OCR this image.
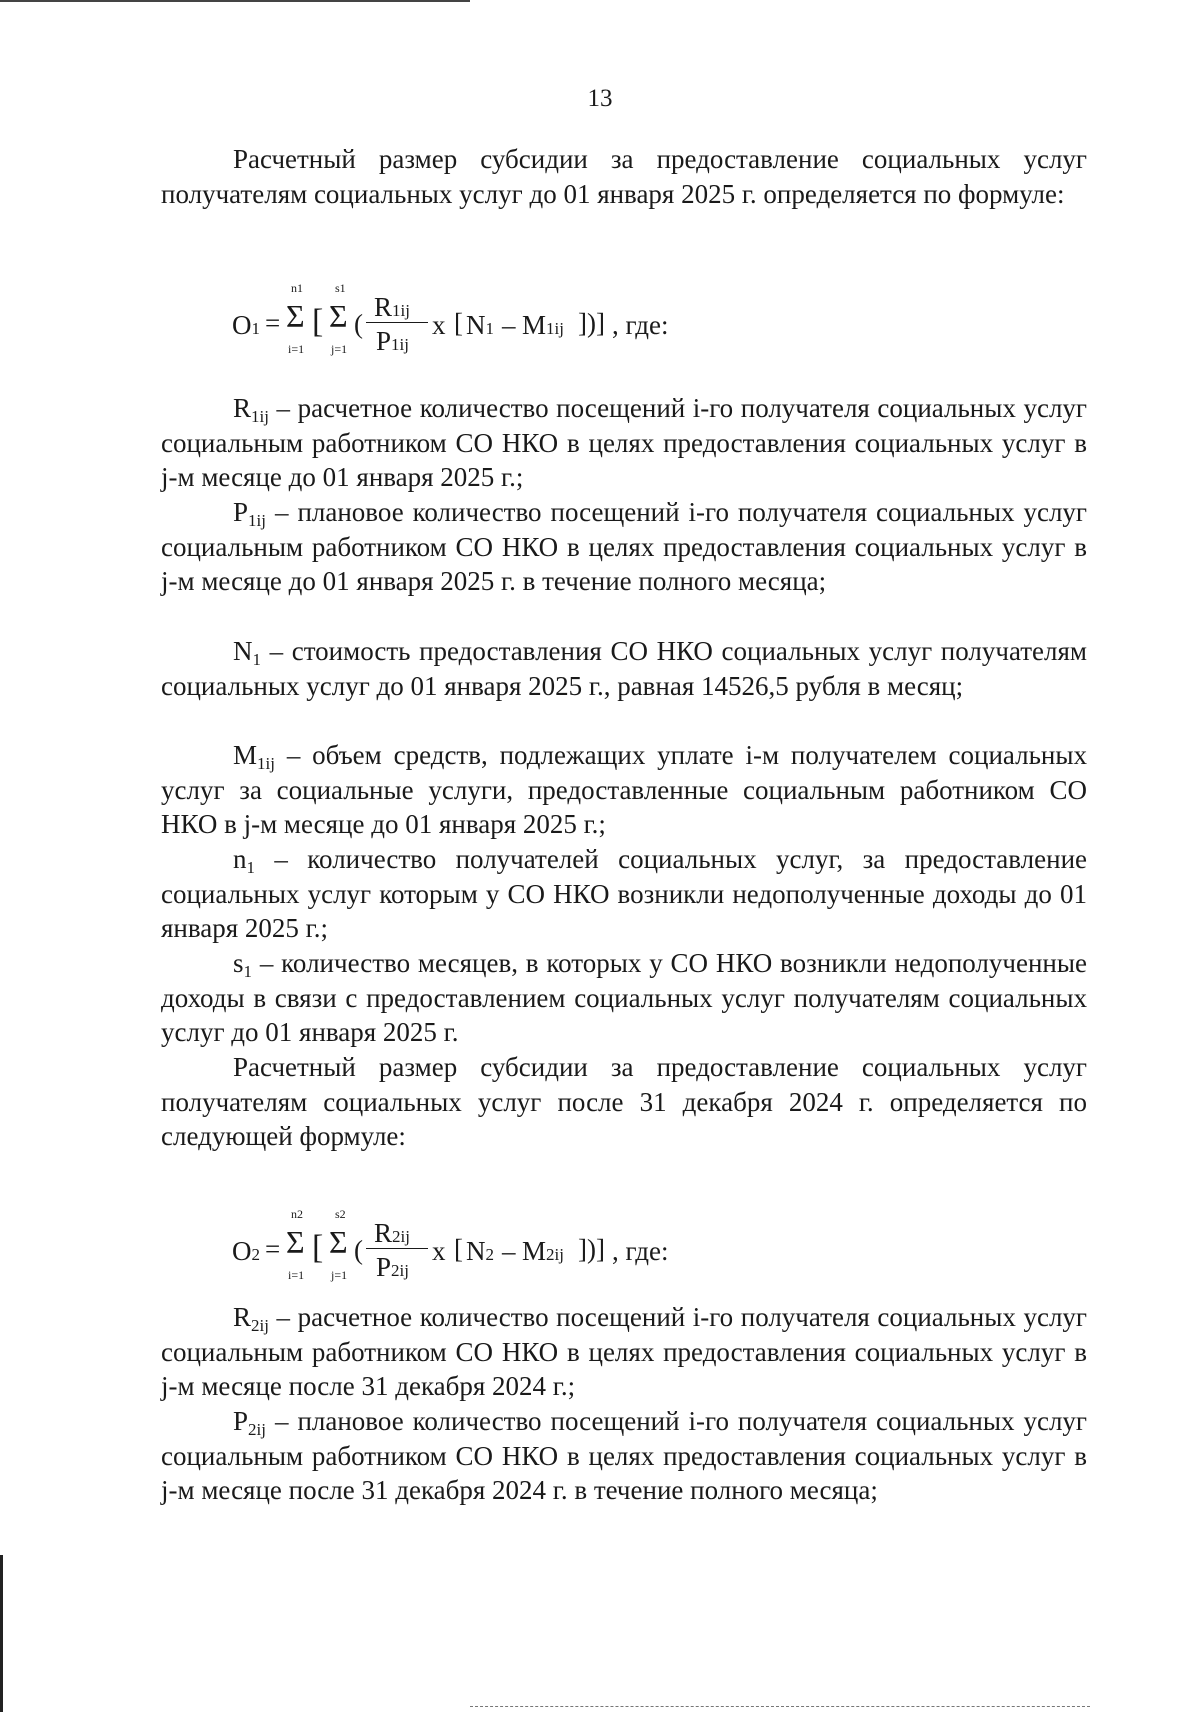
13

Расчетный размер субсидии за предоставление социальных услуг получателям социальных услуг до 01 января 2025 г. определяется по формуле:

O1 =
n1
Σ
i=1
[
s1
Σ
j=1
(
R1ij
P1ij
x [ N1 – M1ij ])] , где:

$R_{1ij}$ – расчетное количество посещений i-го получателя социальных услуг социальным работником СО НКО в целях предоставления социальных услуг в j-м месяце до 01 января 2025 г.;

$P_{1ij}$ – плановое количество посещений i-го получателя социальных услуг социальным работником СО НКО в целях предоставления социальных услуг в j-м месяце до 01 января 2025 г. в течение полного месяца;

$N_1$ – стоимость предоставления СО НКО социальных услуг получателям социальных услуг до 01 января 2025 г., равная 14526,5 рубля в месяц;

$M_{1ij}$ – объем средств, подлежащих уплате i-м получателем социальных услуг за социальные услуги, предоставленные социальным работником СО НКО в j-м месяце до 01 января 2025 г.;

$n_1$ – количество получателей социальных услуг, за предоставление социальных услуг которым у СО НКО возникли недополученные доходы до 01 января 2025 г.;

$s_1$ – количество месяцев, в которых у СО НКО возникли недополученные доходы в связи с предоставлением социальных услуг получателям социальных услуг до 01 января 2025 г.

Расчетный размер субсидии за предоставление социальных услуг получателям социальных услуг после 31 декабря 2024 г. определяется по следующей формуле:

O2 =
n2
Σ
i=1
[
s2
Σ
j=1
(
R2ij
P2ij
x [ N2 – M2ij ])] , где:

$R_{2ij}$ – расчетное количество посещений i-го получателя социальных услуг социальным работником СО НКО в целях предоставления социальных услуг в j-м месяце после 31 декабря 2024 г.;

$P_{2ij}$ – плановое количество посещений i-го получателя социальных услуг социальным работником СО НКО в целях предоставления социальных услуг в j-м месяце после 31 декабря 2024 г. в течение полного месяца;
